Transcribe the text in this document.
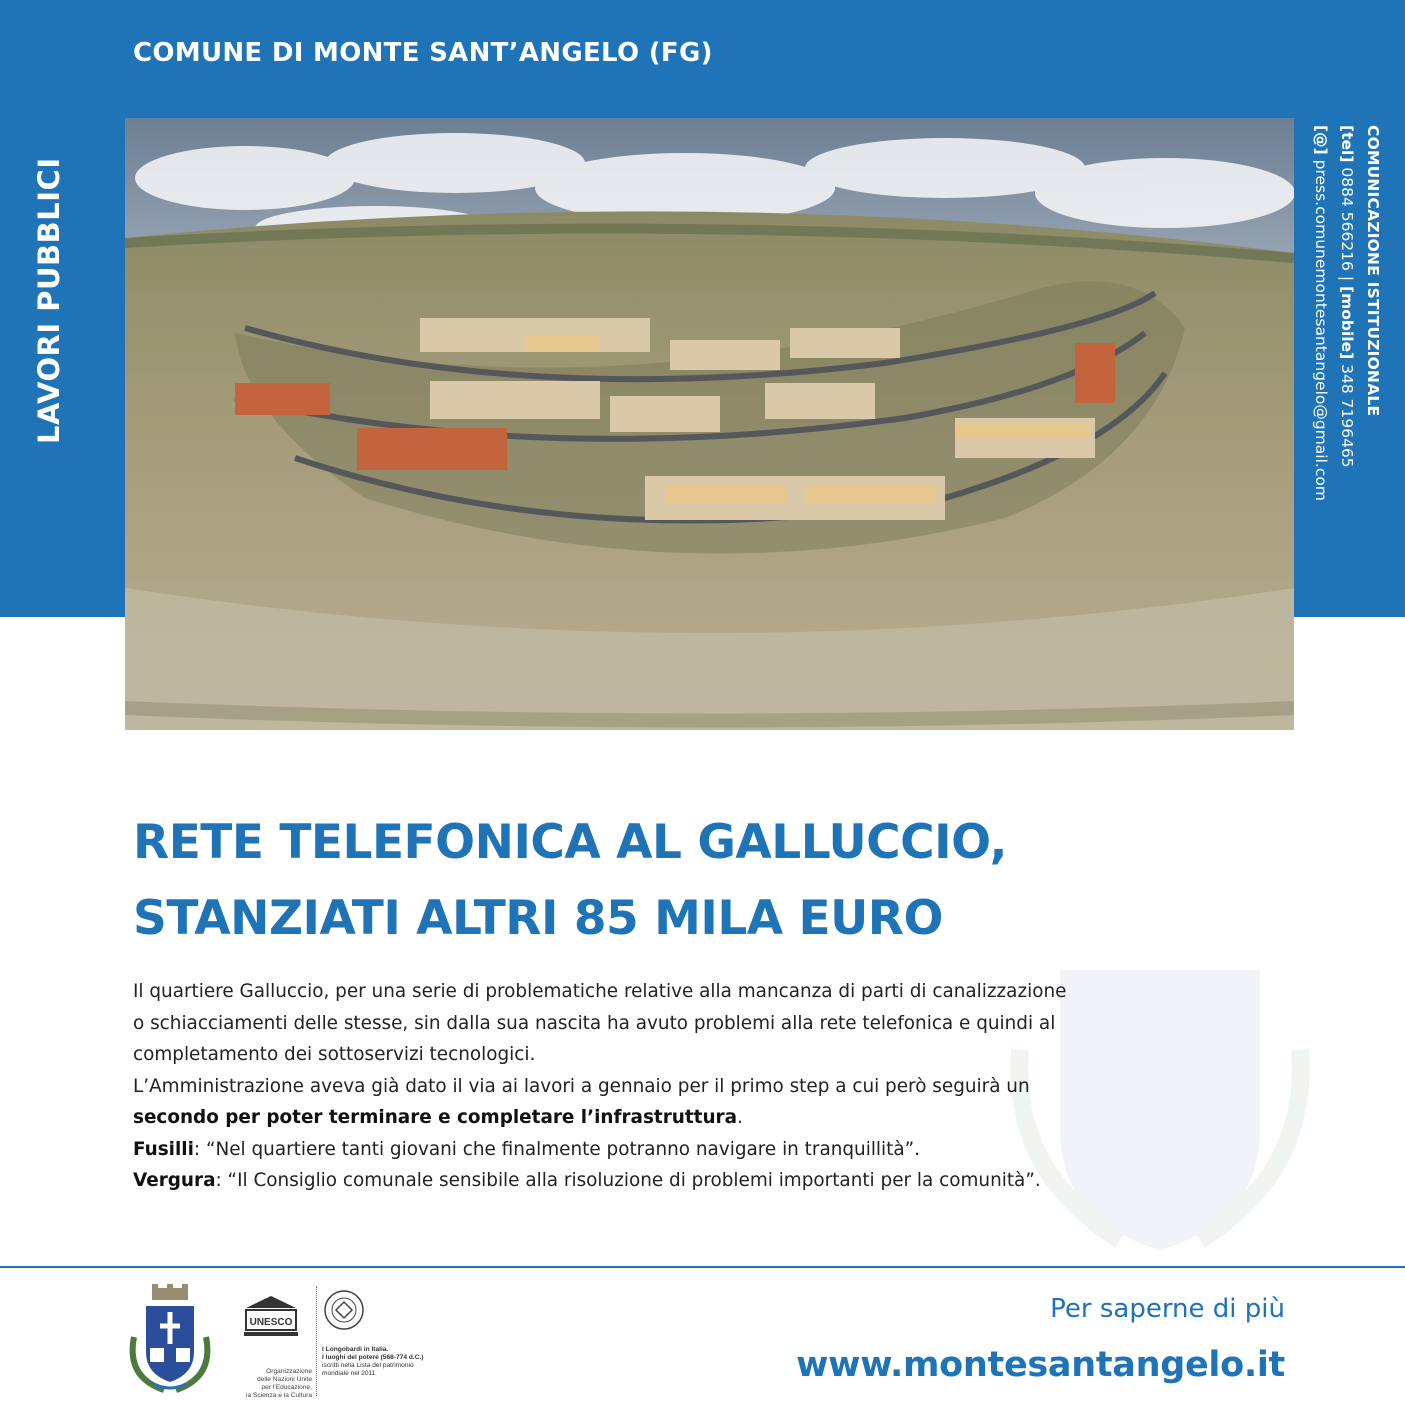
COMUNE DI MONTE SANT’ANGELO (FG)
LAVORI PUBBLICI	COMUNICAZIONE ISTITUZIONALE
[tel] 0884 566216 | [mobile] 348 7196465
[@] press.comunemontesantangelo@gmail.com
RETE TELEFONICA AL GALLUCCIO,
STANZIATI ALTRI 85 MILA EURO

Il quartiere Galluccio, per una serie di problematiche relative alla mancanza di parti di canalizzazione

o schiacciamenti delle stesse, sin dalla sua nascita ha avuto problemi alla rete telefonica e quindi al

completamento dei sottoservizi tecnologici.

L’Amministrazione aveva già dato il via ai lavori a gennaio per il primo step a cui però seguirà un

secondo per poter terminare e completare l’infrastruttura.

Fusilli: “Nel quartiere tanti giovani che finalmente potranno navigare in tranquillità”.

Vergura: “Il Consiglio comunale sensibile alla risoluzione di problemi importanti per la comunità”.

UNESCO
Organizzazione
delle Nazioni Unite
per l’Educazione,
la Scienza e la Cultura
I Longobardi in Italia.
I luoghi del potere (568-774 d.C.)
iscritti nella Lista del patrimonio
mondiale nel 2011
Per saperne di più
www.montesantangelo.it
